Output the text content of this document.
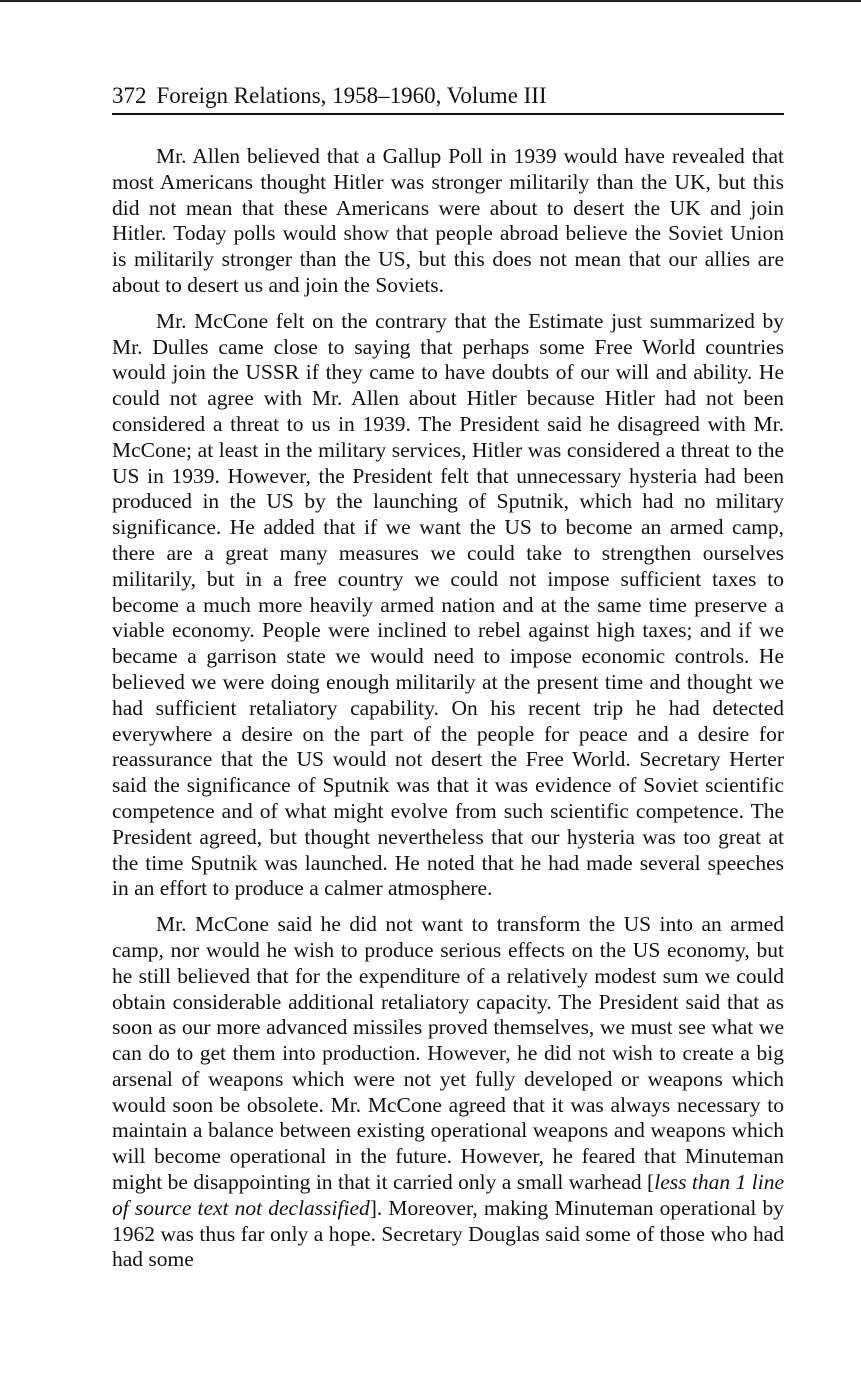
372 Foreign Relations, 1958–1960, Volume III

Mr. Allen believed that a Gallup Poll in 1939 would have revealed that most Americans thought Hitler was stronger militarily than the UK, but this did not mean that these Americans were about to desert the UK and join Hitler. Today polls would show that people abroad believe the Soviet Union is militarily stronger than the US, but this does not mean that our allies are about to desert us and join the Soviets.

Mr. McCone felt on the contrary that the Estimate just summarized by Mr. Dulles came close to saying that perhaps some Free World countries would join the USSR if they came to have doubts of our will and ability. He could not agree with Mr. Allen about Hitler because Hitler had not been considered a threat to us in 1939. The President said he disagreed with Mr. McCone; at least in the military services, Hitler was considered a threat to the US in 1939. However, the President felt that unnecessary hysteria had been produced in the US by the launching of Sputnik, which had no military significance. He added that if we want the US to become an armed camp, there are a great many measures we could take to strengthen ourselves militarily, but in a free country we could not impose sufficient taxes to become a much more heavily armed nation and at the same time preserve a viable economy. People were inclined to rebel against high taxes; and if we became a garrison state we would need to impose economic controls. He believed we were doing enough militarily at the present time and thought we had sufficient retaliatory capability. On his recent trip he had detected everywhere a desire on the part of the people for peace and a desire for reassurance that the US would not desert the Free World. Secretary Herter said the significance of Sputnik was that it was evidence of Soviet scientific competence and of what might evolve from such scientific competence. The President agreed, but thought nevertheless that our hysteria was too great at the time Sputnik was launched. He noted that he had made several speeches in an effort to produce a calmer atmosphere.

Mr. McCone said he did not want to transform the US into an armed camp, nor would he wish to produce serious effects on the US economy, but he still believed that for the expenditure of a relatively modest sum we could obtain considerable additional retaliatory capacity. The President said that as soon as our more advanced missiles proved themselves, we must see what we can do to get them into production. However, he did not wish to create a big arsenal of weapons which were not yet fully developed or weapons which would soon be obsolete. Mr. McCone agreed that it was always necessary to maintain a balance between existing operational weapons and weapons which will become operational in the future. However, he feared that Minuteman might be disappointing in that it carried only a small warhead [less than 1 line of source text not declassified]. Moreover, making Minuteman operational by 1962 was thus far only a hope. Secretary Douglas said some of those who had had some
